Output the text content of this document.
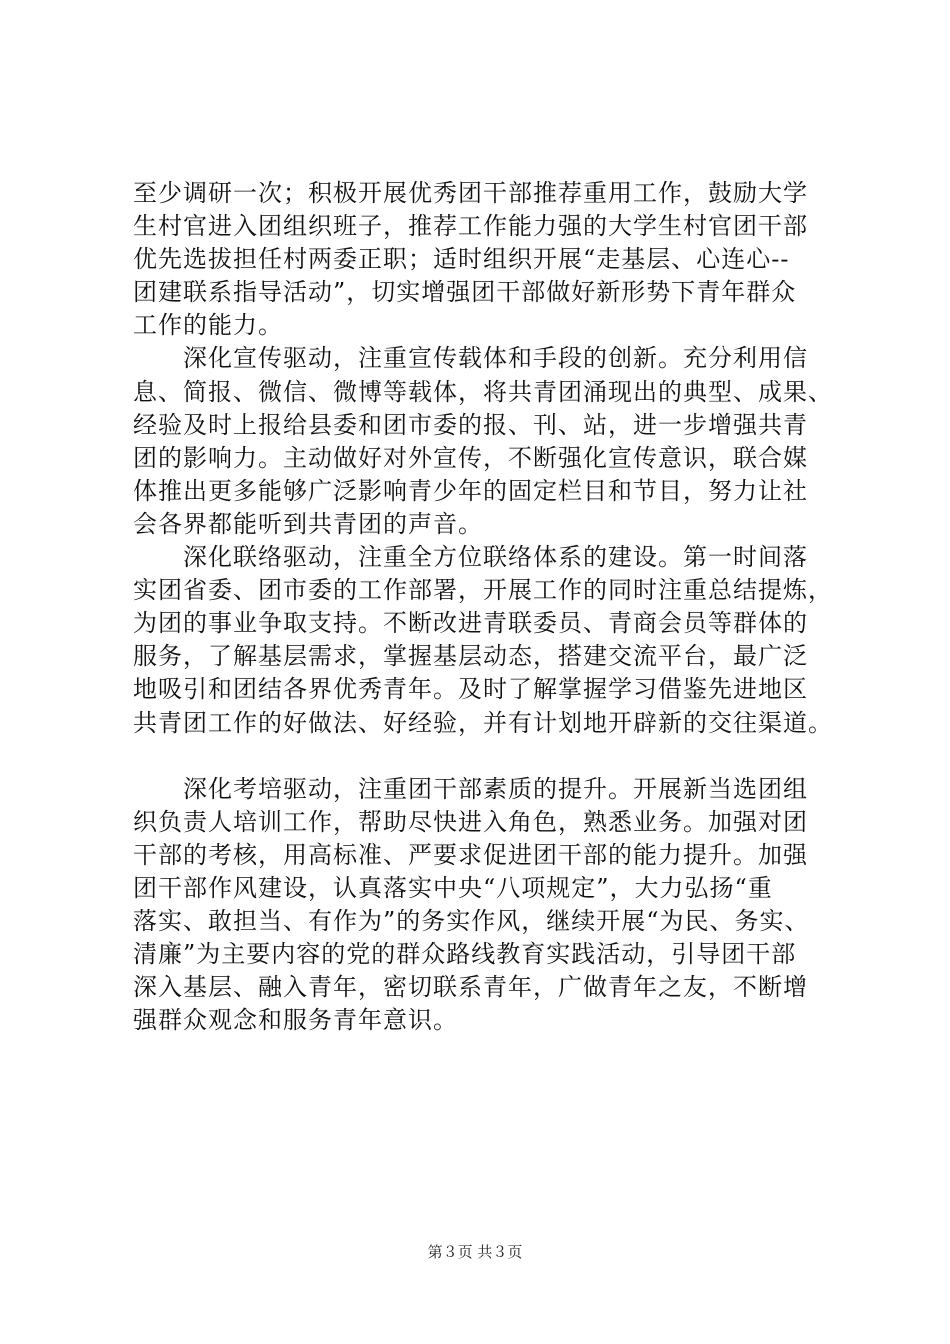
至少调研一次；积极开展优秀团干部推荐重用工作，鼓励大学
生村官进入团组织班子，推荐工作能力强的大学生村官团干部
优先选拔担任村两委正职；适时组织开展“走基层、心连心--
团建联系指导活动”，切实增强团干部做好新形势下青年群众
工作的能力。
　　深化宣传驱动，注重宣传载体和手段的创新。充分利用信
息、简报、微信、微博等载体，将共青团涌现出的典型、成果、
经验及时上报给县委和团市委的报、刊、站，进一步增强共青
团的影响力。主动做好对外宣传，不断强化宣传意识，联合媒
体推出更多能够广泛影响青少年的固定栏目和节目，努力让社
会各界都能听到共青团的声音。
　　深化联络驱动，注重全方位联络体系的建设。第一时间落
实团省委、团市委的工作部署，开展工作的同时注重总结提炼，
为团的事业争取支持。不断改进青联委员、青商会员等群体的
服务，了解基层需求，掌握基层动态，搭建交流平台，最广泛
地吸引和团结各界优秀青年。及时了解掌握学习借鉴先进地区
共青团工作的好做法、好经验，并有计划地开辟新的交往渠道。
　　深化考培驱动，注重团干部素质的提升。开展新当选团组
织负责人培训工作，帮助尽快进入角色，熟悉业务。加强对团
干部的考核，用高标准、严要求促进团干部的能力提升。加强
团干部作风建设，认真落实中央“八项规定”，大力弘扬“重
落实、敢担当、有作为”的务实作风，继续开展“为民、务实、
清廉”为主要内容的党的群众路线教育实践活动，引导团干部
深入基层、融入青年，密切联系青年，广做青年之友，不断增
强群众观念和服务青年意识。
第３页 共３页
